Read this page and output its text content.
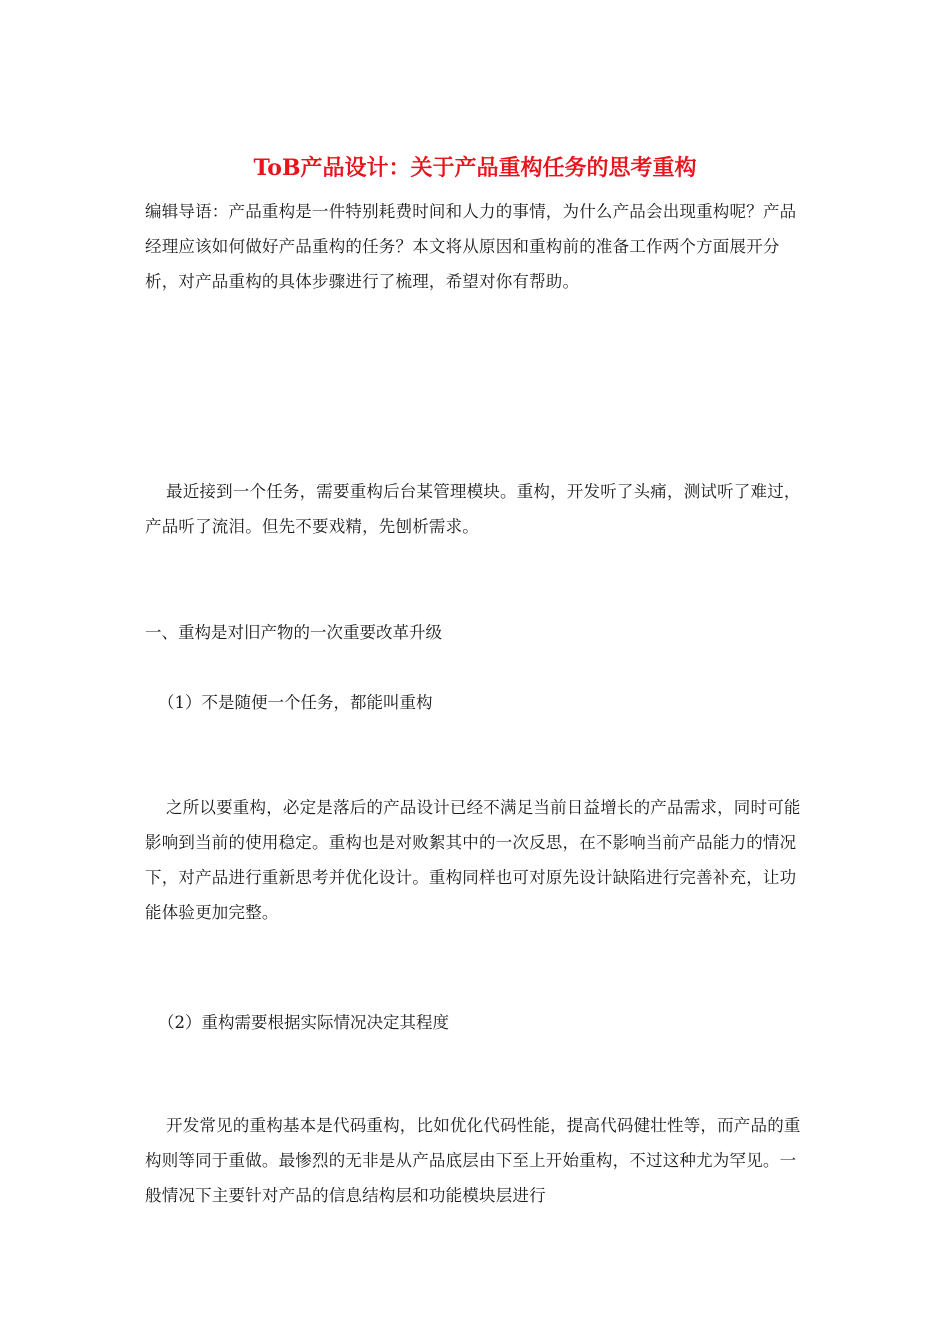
ToB产品设计：关于产品重构任务的思考重构

编辑导语：产品重构是一件特别耗费时间和人力的事情，为什么产品会出现重构呢？产品经理应该如何做好产品重构的任务？本文将从原因和重构前的准备工作两个方面展开分析，对产品重构的具体步骤进行了梳理，希望对你有帮助。

最近接到一个任务，需要重构后台某管理模块。重构，开发听了头痛，测试听了难过，产品听了流泪。但先不要戏精，先刨析需求。

一、重构是对旧产物的一次重要改革升级

（1）不是随便一个任务，都能叫重构

之所以要重构，必定是落后的产品设计已经不满足当前日益增长的产品需求，同时可能影响到当前的使用稳定。重构也是对败絮其中的一次反思，在不影响当前产品能力的情况下，对产品进行重新思考并优化设计。重构同样也可对原先设计缺陷进行完善补充，让功能体验更加完整。

（2）重构需要根据实际情况决定其程度

开发常见的重构基本是代码重构，比如优化代码性能，提高代码健壮性等，而产品的重构则等同于重做。最惨烈的无非是从产品底层由下至上开始重构，不过这种尤为罕见。一般情况下主要针对产品的信息结构层和功能模块层进行
